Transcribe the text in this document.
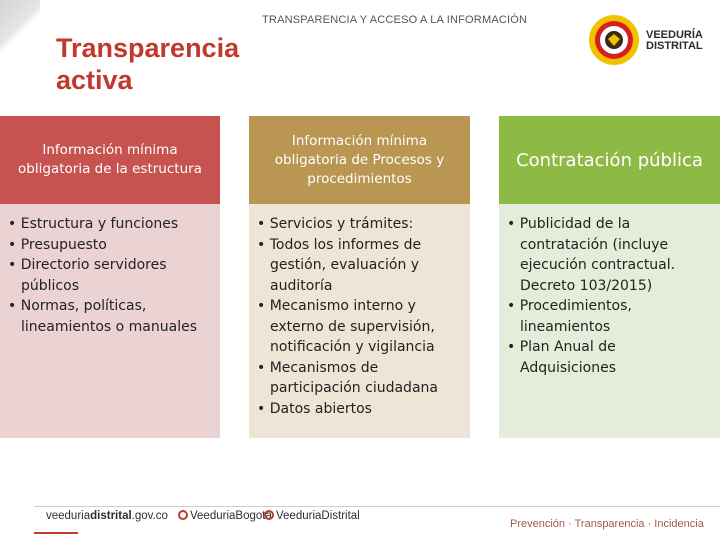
TRANSPARENCIA Y ACCESO A LA INFORMACIÓN
Transparencia
activa
VEEDURÍA
DISTRITAL
Información mínima obligatoria de la estructura
• Estructura y funciones
• Presupuesto
• Directorio servidores públicos
• Normas, políticas, lineamientos o manuales
Información mínima obligatoria de Procesos y procedimientos
• Servicios y trámites:
• Todos los informes de gestión, evaluación y auditoría
• Mecanismo interno y externo de supervisión, notificación y vigilancia
• Mecanismos de participación ciudadana
• Datos abiertos
Contratación pública
• Publicidad de la contratación (incluye ejecución contractual. Decreto 103/2015)
• Procedimientos, lineamientos
• Plan Anual de Adquisiciones
veeduriadistrital.gov.co	VeeduriaBogota VeeduriaDistrital
Prevención · Transparencia · Incidencia
